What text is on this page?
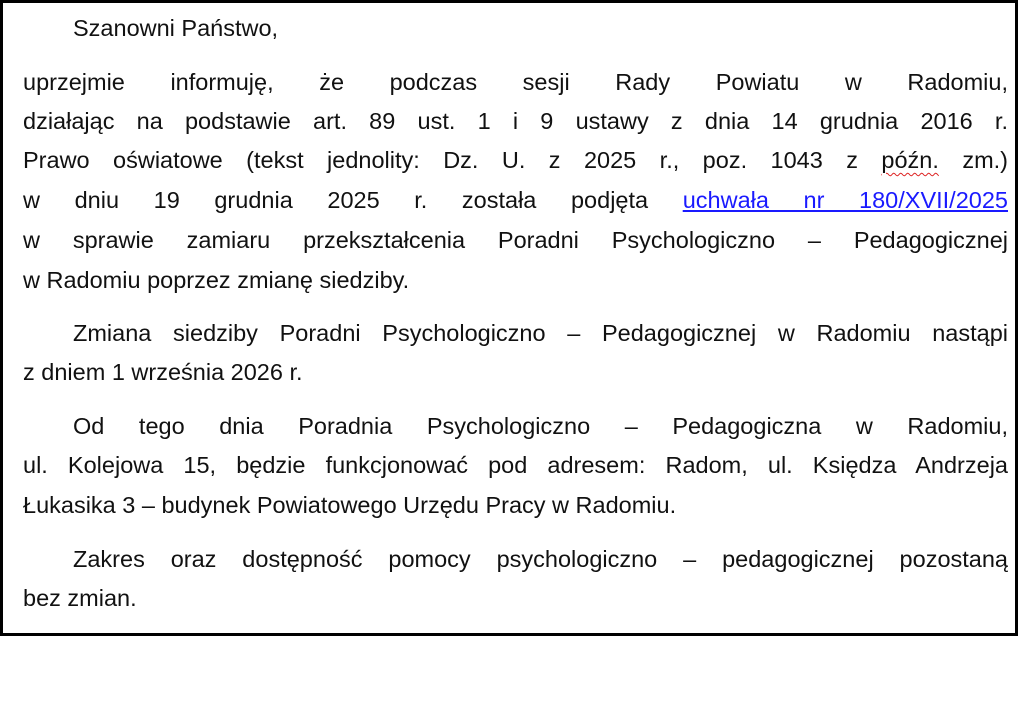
Szanowni Państwo,
uprzejmie informuję, że podczas sesji Rady Powiatu w Radomiu,
działając na podstawie art. 89 ust. 1 i 9 ustawy z dnia 14 grudnia 2016 r.
Prawo oświatowe (tekst jednolity: Dz. U. z 2025 r., poz. 1043 z późn. zm.)
w dniu 19 grudnia 2025 r. została podjęta uchwała nr 180/XVII/2025
w sprawie zamiaru przekształcenia Poradni Psychologiczno – Pedagogicznej
w Radomiu poprzez zmianę siedziby.
Zmiana siedziby Poradni Psychologiczno – Pedagogicznej w Radomiu nastąpi
z dniem 1 września 2026 r.
Od tego dnia Poradnia Psychologiczno – Pedagogiczna w Radomiu,
ul. Kolejowa 15, będzie funkcjonować pod adresem: Radom, ul. Księdza Andrzeja
Łukasika 3 – budynek Powiatowego Urzędu Pracy w Radomiu.
Zakres oraz dostępność pomocy psychologiczno – pedagogicznej pozostaną
bez zmian.
